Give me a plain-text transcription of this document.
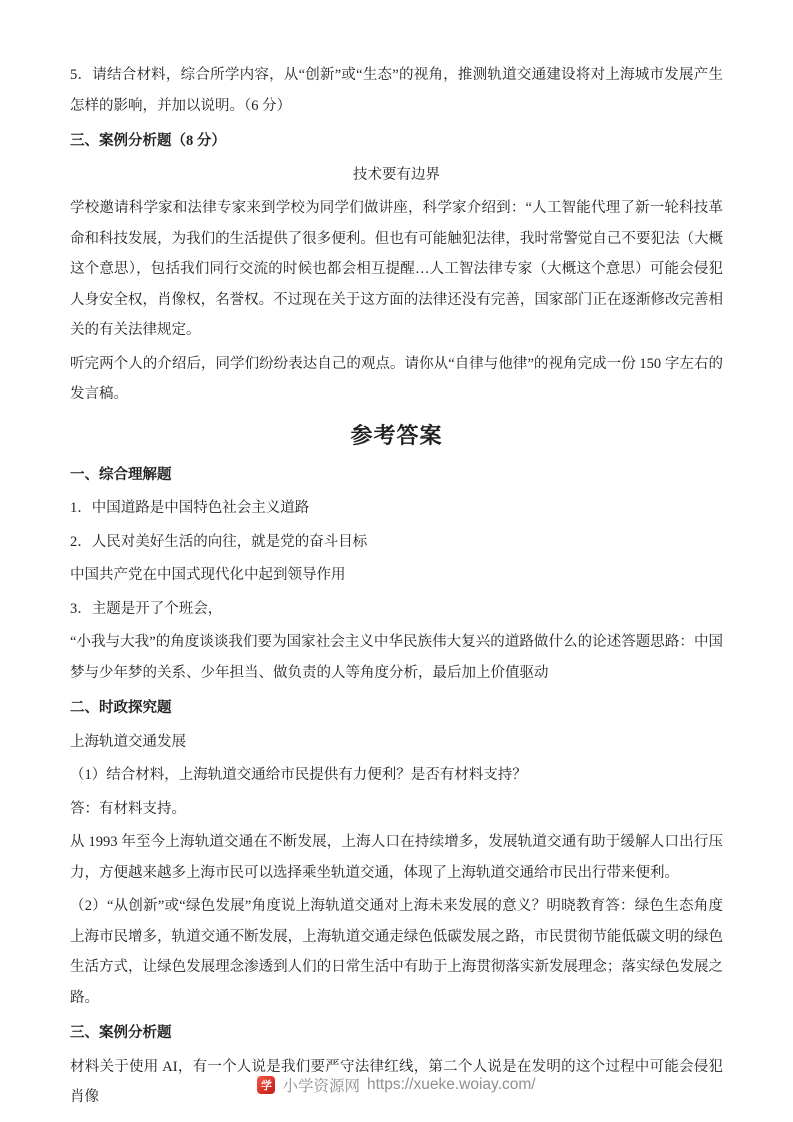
5．请结合材料，综合所学内容，从“创新”或“生态”的视角，推测轨道交通建设将对上海城市发展产生怎样的影响，并加以说明。（6 分）
三、案例分析题（8 分）
技术要有边界
学校邀请科学家和法律专家来到学校为同学们做讲座，科学家介绍到：“人工智能代理了新一轮科技革命和科技发展，为我们的生活提供了很多便利。但也有可能触犯法律，我时常警觉自己不要犯法（大概这个意思），包括我们同行交流的时候也都会相互提醒…人工智法律专家（大概这个意思）可能会侵犯人身安全权，肖像权，名誉权。不过现在关于这方面的法律还没有完善，国家部门正在逐渐修改完善相关的有关法律规定。
听完两个人的介绍后，同学们纷纷表达自己的观点。请你从“自律与他律”的视角完成一份 150 字左右的发言稿。
参考答案
一、综合理解题
1．中国道路是中国特色社会主义道路
2．人民对美好生活的向往，就是党的奋斗目标
中国共产党在中国式现代化中起到领导作用
3．主题是开了个班会，
“小我与大我”的角度谈谈我们要为国家社会主义中华民族伟大复兴的道路做什么的论述答题思路：中国梦与少年梦的关系、少年担当、做负责的人等角度分析，最后加上价值驱动
二、时政探究题
上海轨道交通发展
（1）结合材料，上海轨道交通给市民提供有力便利？是否有材料支持？
答：有材料支持。
从 1993 年至今上海轨道交通在不断发展，上海人口在持续增多，发展轨道交通有助于缓解人口出行压力，方便越来越多上海市民可以选择乘坐轨道交通，体现了上海轨道交通给市民出行带来便利。
（2）“从创新”或“绿色发展”角度说上海轨道交通对上海未来发展的意义？明晓教育答：绿色生态角度上海市民增多，轨道交通不断发展，上海轨道交通走绿色低碳发展之路，市民贯彻节能低碳文明的绿色生活方式，让绿色发展理念渗透到人们的日常生活中有助于上海贯彻落实新发展理念；落实绿色发展之路。
三、案例分析题
材料关于使用 AI，有一个人说是我们要严守法律红线，第二个人说是在发明的这个过程中可能会侵犯肖像
学 小学资源网 https://xueke.woiay.com/
